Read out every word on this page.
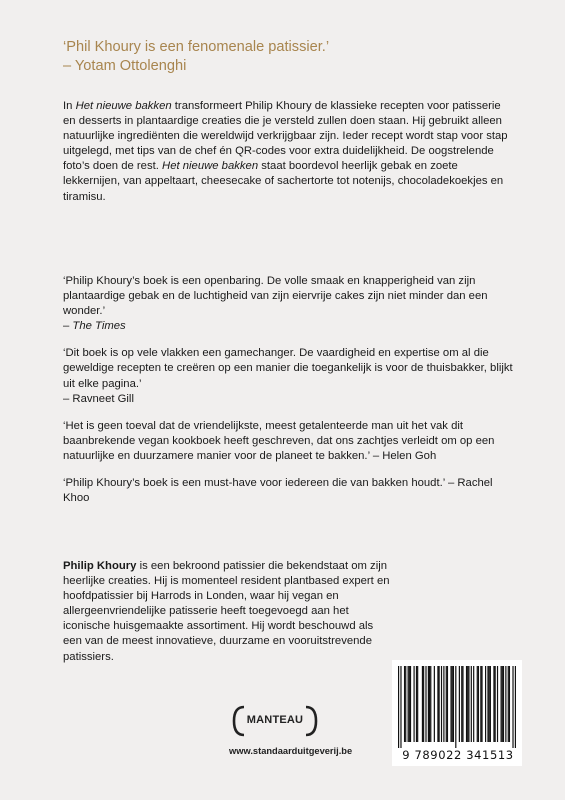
‘Phil Khoury is een fenomenale patissier.’

– Yotam Ottolenghi

In Het nieuwe bakken transformeert Philip Khoury de klassieke recepten voor patisserie en desserts in plantaardige creaties die je versteld zullen doen staan. Hij gebruikt alleen natuurlijke ingrediënten die wereldwijd verkrijgbaar zijn. Ieder recept wordt stap voor stap uitgelegd, met tips van de chef én QR-codes voor extra duidelijkheid. De oogstrelende foto’s doen de rest. Het nieuwe bakken staat boordevol heerlijk gebak en zoete lekkernijen, van appeltaart, cheesecake of sachertorte tot notenijs, chocoladekoekjes en tiramisu.

‘Philip Khoury’s boek is een openbaring. De volle smaak en knapperigheid van zijn plantaardige gebak en de luchtigheid van zijn eiervrije cakes zijn niet minder dan een wonder.’
– The Times

‘Dit boek is op vele vlakken een gamechanger. De vaardigheid en expertise om al die geweldige recepten te creëren op een manier die toegankelijk is voor de thuisbakker, blijkt uit elke pagina.’
– Ravneet Gill

‘Het is geen toeval dat de vriendelijkste, meest getalenteerde man uit het vak dit baanbrekende vegan kookboek heeft geschreven, dat ons zachtjes verleidt om op een natuurlijke en duurzamere manier voor de planeet te bakken.’ – Helen Goh

‘Philip Khoury’s boek is een must-have voor iedereen die van bakken houdt.’ – Rachel Khoo

Philip Khoury is een bekroond patissier die bekendstaat om zijn heerlijke creaties. Hij is momenteel resident plantbased expert en hoofdpatissier bij Harrods in Londen, waar hij vegan en allergeenvriendelijke patisserie heeft toegevoegd aan het iconische huisgemaakte assortiment. Hij wordt beschouwd als een van de meest innovatieve, duurzame en vooruitstrevende patissiers.
MANTEAU
www.standaarduitgeverij.be	9 789022 341513
